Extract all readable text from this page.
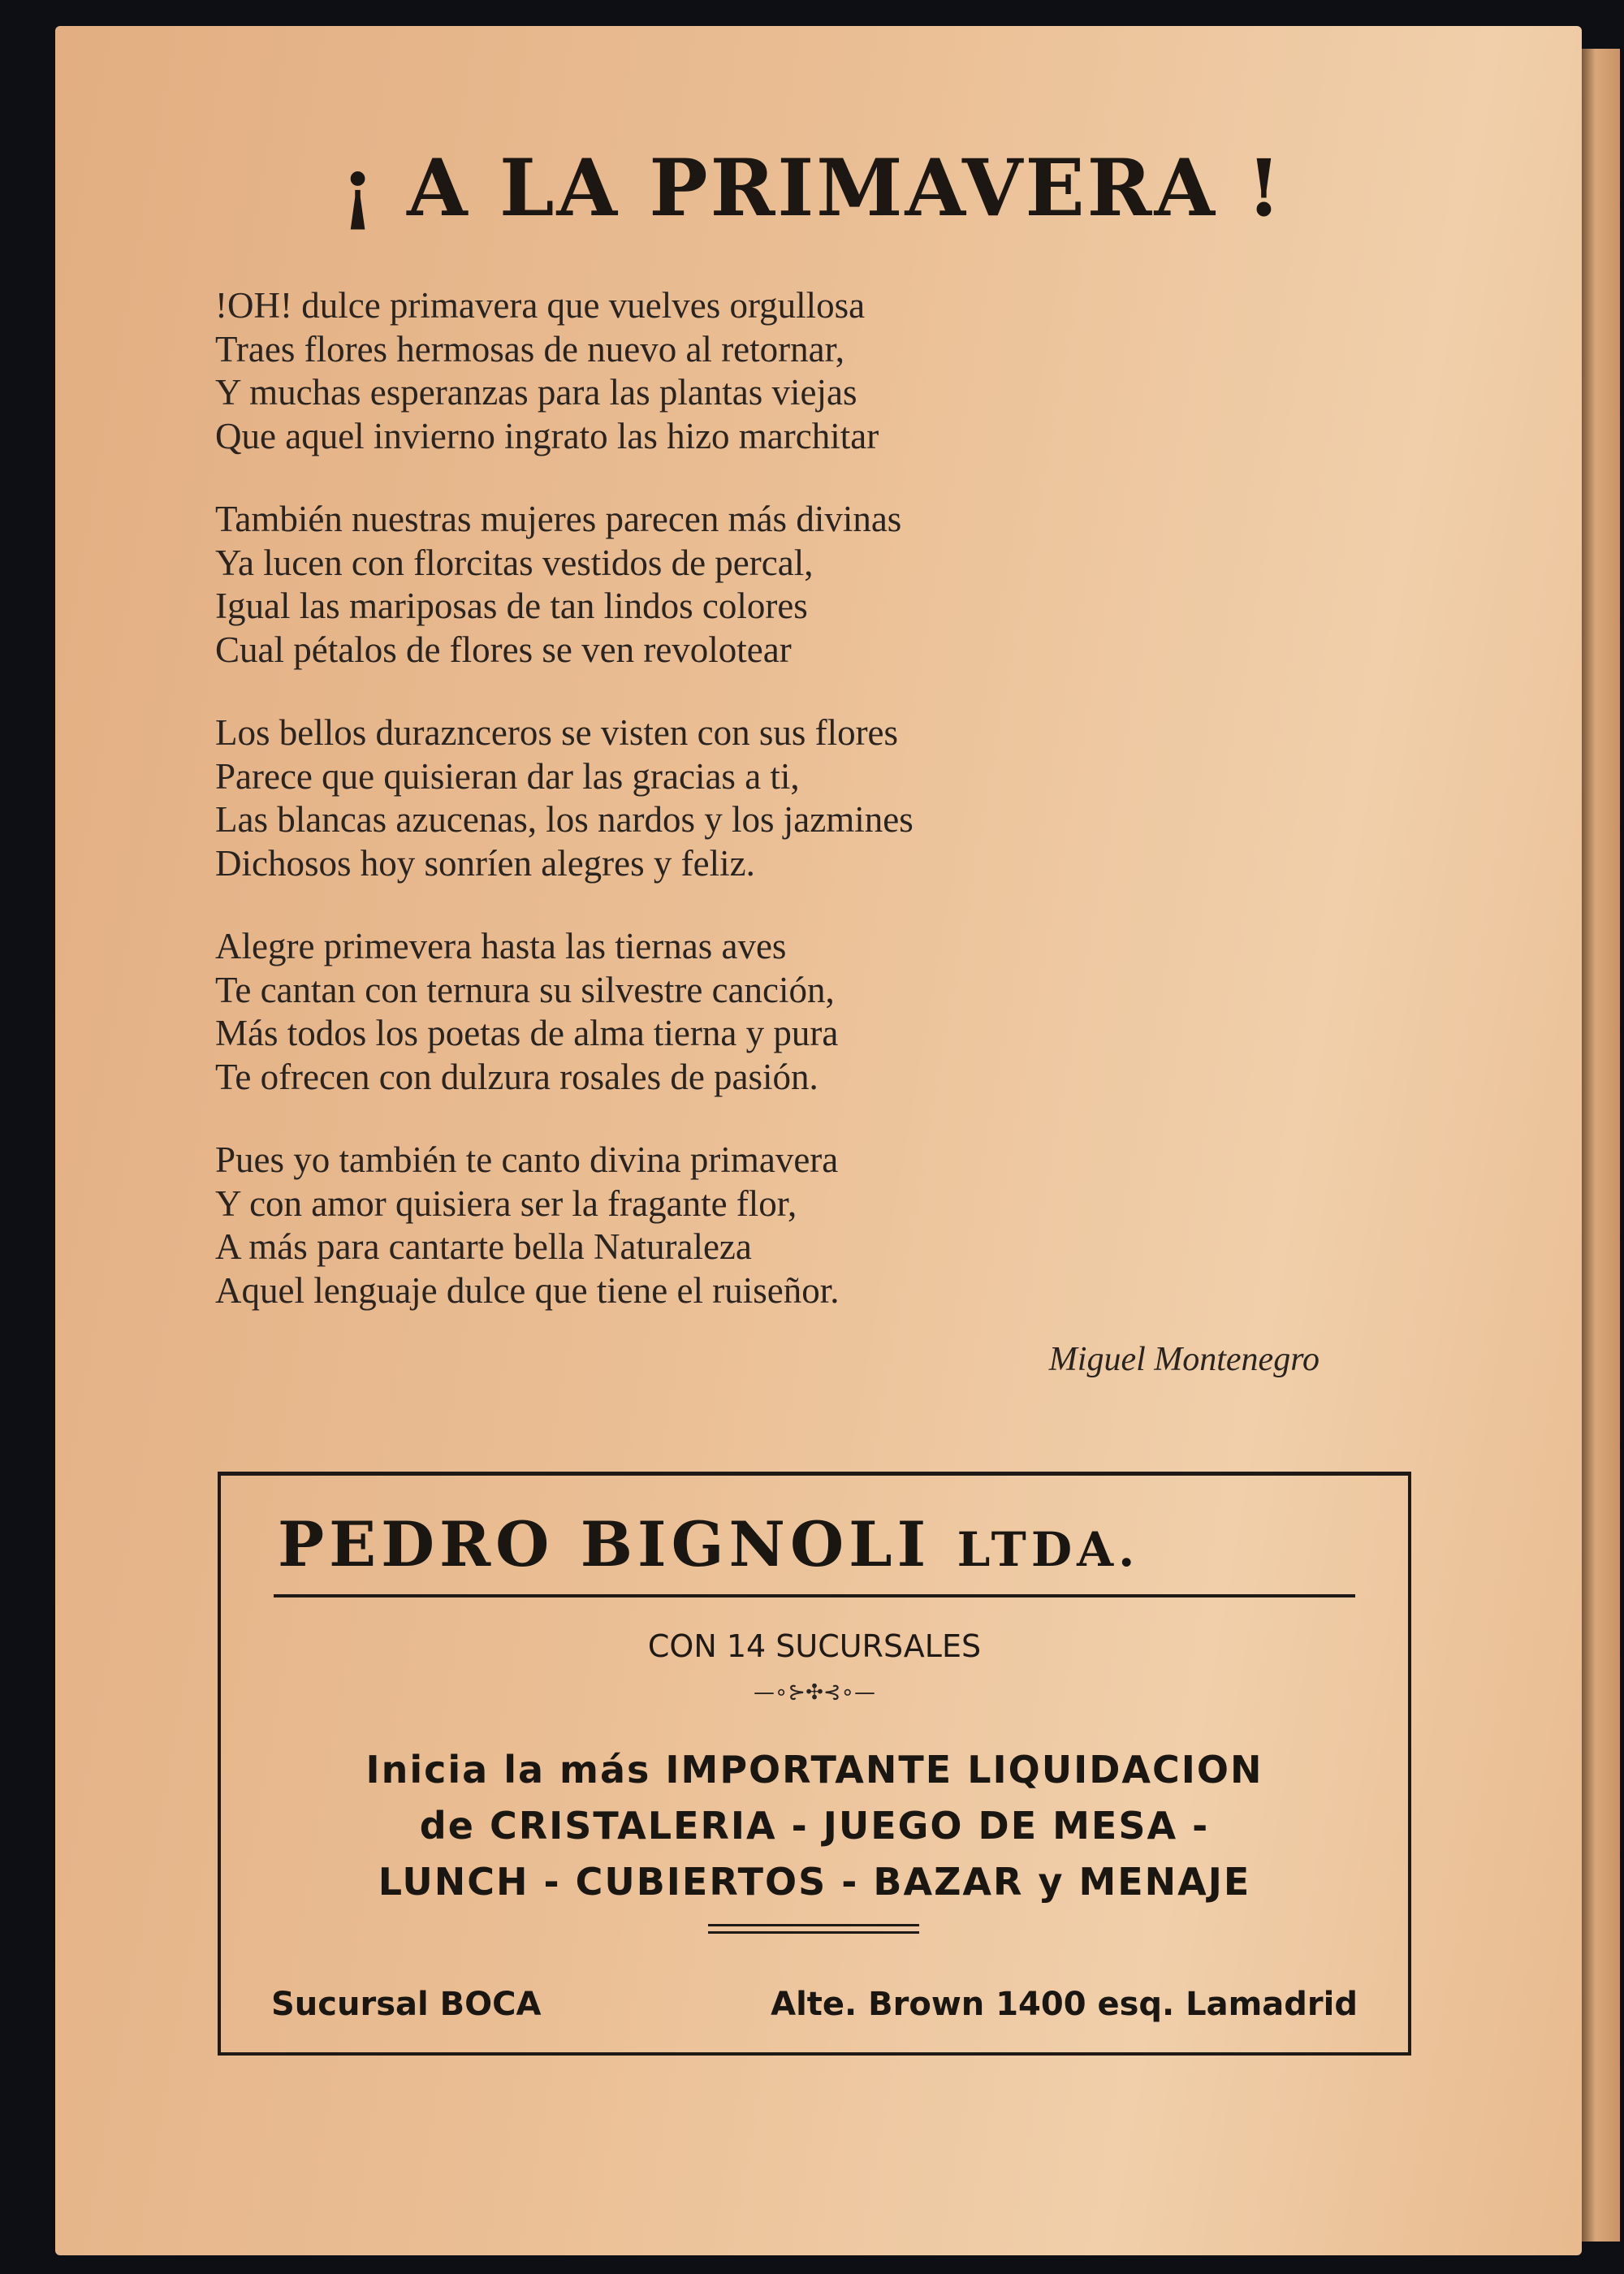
¡ A LA PRIMAVERA !
!OH! dulce primavera que vuelves orgullosa
Traes flores hermosas de nuevo al retornar,
Y muchas esperanzas para las plantas viejas
Que aquel invierno ingrato las hizo marchitar
También nuestras mujeres parecen más divinas
Ya lucen con florcitas vestidos de percal,
Igual las mariposas de tan lindos colores
Cual pétalos de flores se ven revolotear
Los bellos duraznceros se visten con sus flores
Parece que quisieran dar las gracias a ti,
Las blancas azucenas, los nardos y los jazmines
Dichosos hoy sonríen alegres y feliz.
Alegre primevera hasta las tiernas aves
Te cantan con ternura su silvestre canción,
Más todos los poetas de alma tierna y pura
Te ofrecen con dulzura rosales de pasión.
Pues yo también te canto divina primavera
Y con amor quisiera ser la fragante flor,
A más para cantarte bella Naturaleza
Aquel lenguaje dulce que tiene el ruiseñor.
Miguel Montenegro
PEDRO BIGNOLI LTDA.
CON 14 SUCURSALES
—∘⊱✣⊰∘—
Inicia la más IMPORTANTE LIQUIDACION
de CRISTALERIA - JUEGO DE MESA -
LUNCH - CUBIERTOS - BAZAR y MENAJE
Sucursal BOCA	Alte. Brown 1400 esq. Lamadrid
